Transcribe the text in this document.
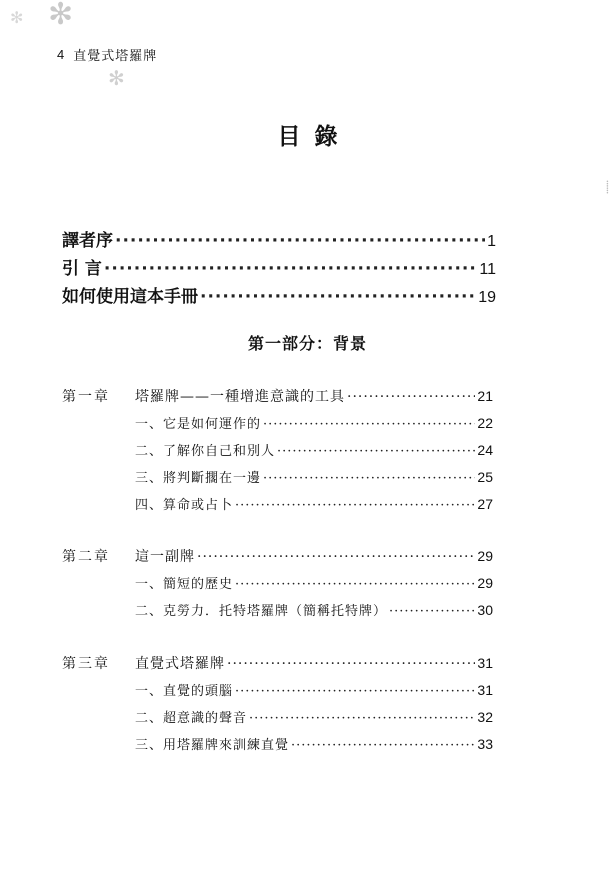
✻
✻
✻
4 直覺式塔羅牌
目錄
譯者序 ·····	1
引 言 ·····	11
如何使用這本手冊 ·····	19
第一部分：背景
第一章 塔羅牌——一種增進意識的工具 ·····	21
一、它是如何運作的 ·····	22
二、了解你自己和別人 ·····	24
三、將判斷擱在一邊 ·····	25
四、算命或占卜 ·····	27
第二章 這一副牌 ·····	29
一、簡短的歷史 ·····	29
二、克勞力．托特塔羅牌（簡稱托特牌） ·····	30
第三章 直覺式塔羅牌 ·····	31
一、直覺的頭腦 ·····	31
二、超意識的聲音 ·····	32
三、用塔羅牌來訓練直覺 ·····	33
⸽
